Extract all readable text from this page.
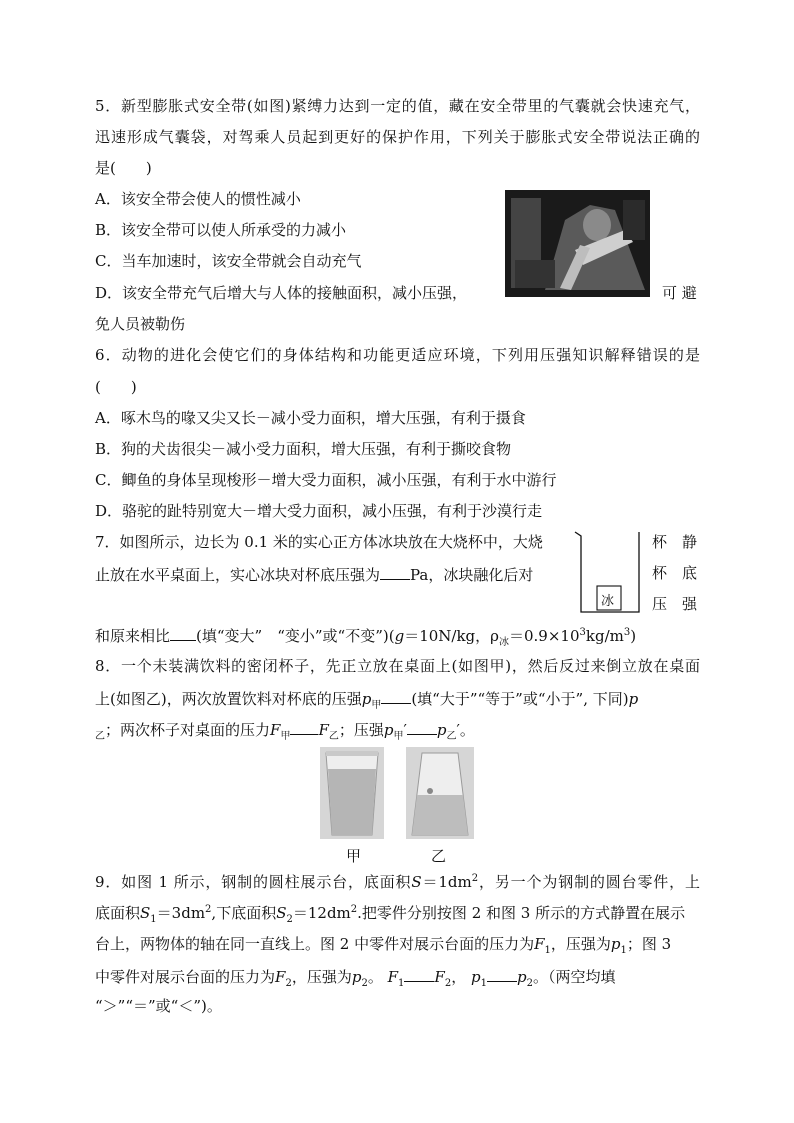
5．新型膨胀式安全带(如图)紧缚力达到一定的值，藏在安全带里的气囊就会快速充气，
迅速形成气囊袋，对驾乘人员起到更好的保护作用，下列关于膨胀式安全带说法正确的
是(　　)
A．该安全带会使人的惯性减小
B．该安全带可以使人所承受的力减小
C．当车加速时，该安全带就会自动充气
D．该安全带充气后增大与人体的接触面积，减小压强，	可 避
免人员被勒伤
6．动物的进化会使它们的身体结构和功能更适应环境，下列用压强知识解释错误的是
(　　)
A．啄木鸟的喙又尖又长－减小受力面积，增大压强，有利于摄食
B．狗的犬齿很尖－减小受力面积，增大压强，有利于撕咬食物
C．鲫鱼的身体呈现梭形－增大受力面积，减小压强，有利于水中游行
D．骆驼的趾特别宽大－增大受力面积，减小压强，有利于沙漠行走
7．如图所示，边长为 0.1 米的实心正方体冰块放在大烧杯中，大烧	杯　静
止放在水平桌面上，实心冰块对杯底压强为 Pa，冰块融化后对	杯　底
压　强
和原来相比 (填“变大”　“变小”或“不变”)(g＝10N/kg，$\rho_冰=0.9\times 10^3kg/m^3$)
冰
8．一个未装满饮料的密闭杯子，先正立放在桌面上(如图甲)，然后反过来倒立放在桌面
上(如图乙)，两次放置饮料对杯底的压强$p_甲$ (填“大于”“等于”或“小于”, 下同)p
$_乙$；两次杯子对桌面的压力$F_甲$ $F_乙$；压强$p_甲'$ $p_乙'$。
甲	乙
9．如图 1 所示，钢制的圆柱展示台，底面积$S=1dm^2$，另一个为钢制的圆台零件，上
底面积$S_1=3dm^2$,下底面积$S_2=12dm^2$.把零件分别按图 2 和图 3 所示的方式静置在展示
台上，两物体的轴在同一直线上。图 2 中零件对展示台面的压力为$F_1$，压强为$p_1$；图 3
中零件对展示台面的压力为$F_2$，压强为$p_2$。 $F_1$ $F_2$， $p_1$ $p_2$。（两空均填
“＞”“＝”或“＜”)。
